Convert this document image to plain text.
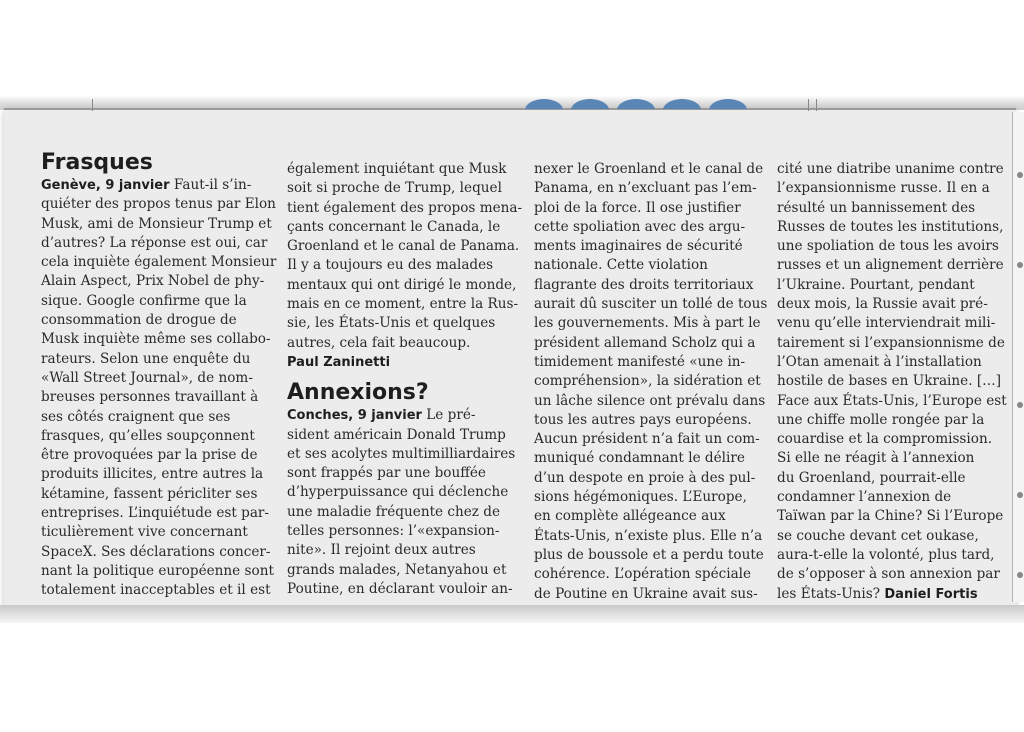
Frasques
Genève, 9 janvier Faut-il s’in-
quiéter des propos tenus par Elon
Musk, ami de Monsieur Trump et
d’autres? La réponse est oui, car
cela inquiète également Monsieur
Alain Aspect, Prix Nobel de phy-
sique. Google confirme que la
consommation de drogue de
Musk inquiète même ses collabo-
rateurs. Selon une enquête du
«Wall Street Journal», de nom-
breuses personnes travaillant à
ses côtés craignent que ses
frasques, qu’elles soupçonnent
être provoquées par la prise de
produits illicites, entre autres la
kétamine, fassent péricliter ses
entreprises. L’inquiétude est par-
ticulièrement vive concernant
SpaceX. Ses déclarations concer-
nant la politique européenne sont
totalement inacceptables et il est
également inquiétant que Musk
soit si proche de Trump, lequel
tient également des propos mena-
çants concernant le Canada, le
Groenland et le canal de Panama.
Il y a toujours eu des malades
mentaux qui ont dirigé le monde,
mais en ce moment, entre la Rus-
sie, les États-Unis et quelques
autres, cela fait beaucoup.
Paul Zaninetti
Annexions?
Conches, 9 janvier Le pré-
sident américain Donald Trump
et ses acolytes multimilliardaires
sont frappés par une bouffée
d’hyperpuissance qui déclenche
une maladie fréquente chez de
telles personnes: l’«expansion-
nite». Il rejoint deux autres
grands malades, Netanyahou et
Poutine, en déclarant vouloir an-
nexer le Groenland et le canal de
Panama, en n’excluant pas l’em-
ploi de la force. Il ose justifier
cette spoliation avec des argu-
ments imaginaires de sécurité
nationale. Cette violation
flagrante des droits territoriaux
aurait dû susciter un tollé de tous
les gouvernements. Mis à part le
président allemand Scholz qui a
timidement manifesté «une in-
compréhension», la sidération et
un lâche silence ont prévalu dans
tous les autres pays européens.
Aucun président n’a fait un com-
muniqué condamnant le délire
d’un despote en proie à des pul-
sions hégémoniques. L’Europe,
en complète allégeance aux
États-Unis, n’existe plus. Elle n’a
plus de boussole et a perdu toute
cohérence. L’opération spéciale
de Poutine en Ukraine avait sus-
cité une diatribe unanime contre
l’expansionnisme russe. Il en a
résulté un bannissement des
Russes de toutes les institutions,
une spoliation de tous les avoirs
russes et un alignement derrière
l’Ukraine. Pourtant, pendant
deux mois, la Russie avait pré-
venu qu’elle interviendrait mili-
tairement si l’expansionnisme de
l’Otan amenait à l’installation
hostile de bases en Ukraine. […]
Face aux États-Unis, l’Europe est
une chiffe molle rongée par la
couardise et la compromission.
Si elle ne réagit à l’annexion
du Groenland, pourrait-elle
condamner l’annexion de
Taïwan par la Chine? Si l’Europe
se couche devant cet oukase,
aura-t-elle la volonté, plus tard,
de s’opposer à son annexion par
les États-Unis? Daniel Fortis
